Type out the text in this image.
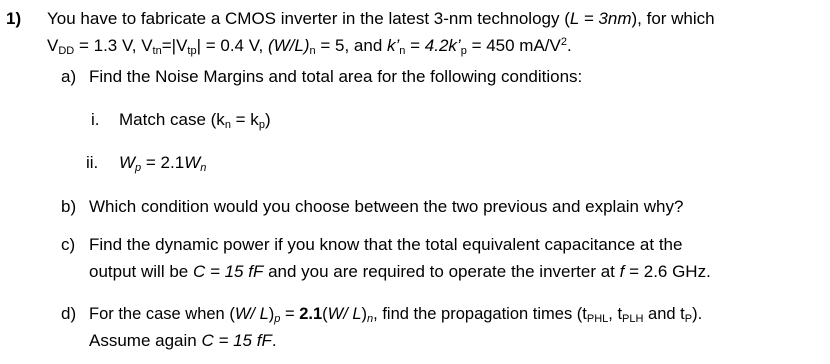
1) You have to fabricate a CMOS inverter in the latest 3-nm technology (L = 3nm), for which
$V_{DD} = 1.3$ V, $V_{tn}=|V_{tp}| = 0.4$ V, $(W/L)_n = 5$, and $k’_n$ = $4.2k’_p = 450$ $mA/V^2$.
a) Find the Noise Margins and total area for the following conditions:
i. Match case $(k_n = k_p)$
ii. $W_p = 2.1W_n$
b) Which condition would you choose between the two previous and explain why?
c) Find the dynamic power if you know that the total equivalent capacitance at the
output will be C = 15 fF and you are required to operate the inverter at f = 2.6 GHz.
d) For the case when (W/ $L)_p = 2.1(W/$ $L)_n$, find the propagation times ($t_{PHL}$, $t_{PLH}$ and $t_P$).
Assume again C = 15 fF.
